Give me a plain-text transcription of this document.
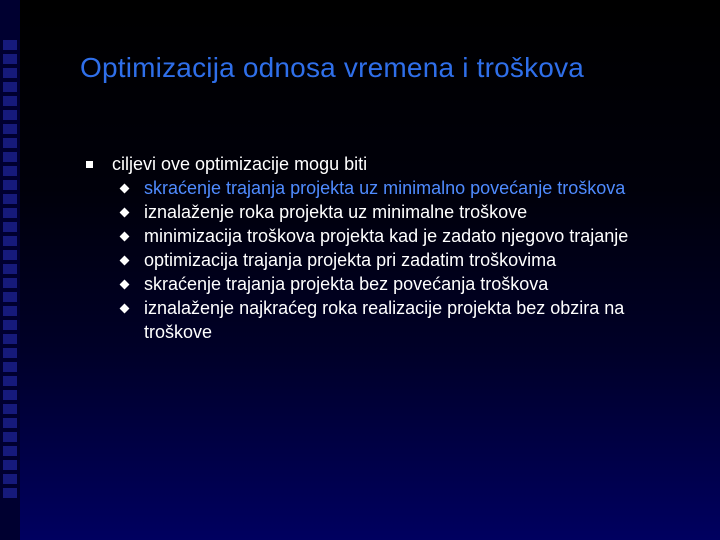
Optimizacija odnosa vremena i troškova
ciljevi ove optimizacije mogu biti
skraćenje trajanja projekta uz minimalno povećanje troškova
iznalaženje roka projekta uz minimalne troškove
minimizacija troškova projekta kad je zadato njegovo trajanje
optimizacija trajanja projekta pri zadatim troškovima
skraćenje trajanja projekta bez povećanja troškova
iznalaženje najkraćeg roka realizacije projekta bez obzira na troškove
